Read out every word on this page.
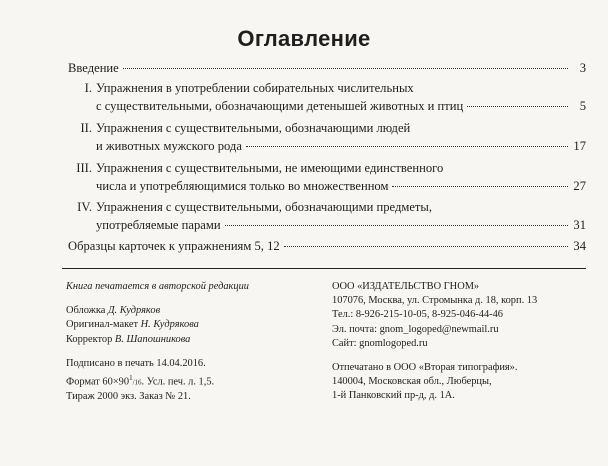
Оглавление
Введение	3
I. Упражнения в употреблении собирательных числительных
с существительными, обозначающими детенышей животных и птиц	5
II. Упражнения с существительными, обозначающими людей
и животных мужского рода	17
III. Упражнения с существительными, не имеющими единственного
числа и употребляющимися только во множественном	27
IV. Упражнения с существительными, обозначающими предметы,
употребляемые парами	31
Образцы карточек к упражнениям 5, 12	34
Книга печатается в авторской редакции
Обложка Д. Кудряков
Оригинал-макет Н. Кудрякова
Корректор В. Шапошникова
Подписано в печать 14.04.2016.
Формат $60\times 90^1/16$. Усл. печ. л. 1,5.
Тираж 2000 экз. Заказ № 21.
ООО «ИЗДАТЕЛЬСТВО ГНОМ»
107076, Москва, ул. Стромынка д. 18, корп. 13
Тел.: 8-926-215-10-05, 8-925-046-44-46
Эл. почта: gnom_logoped@newmail.ru
Сайт: gnomlogoped.ru
Отпечатано в ООО «Вторая типография».
140004, Московская обл., Люберцы,
1-й Панковский пр-д, д. 1А.
